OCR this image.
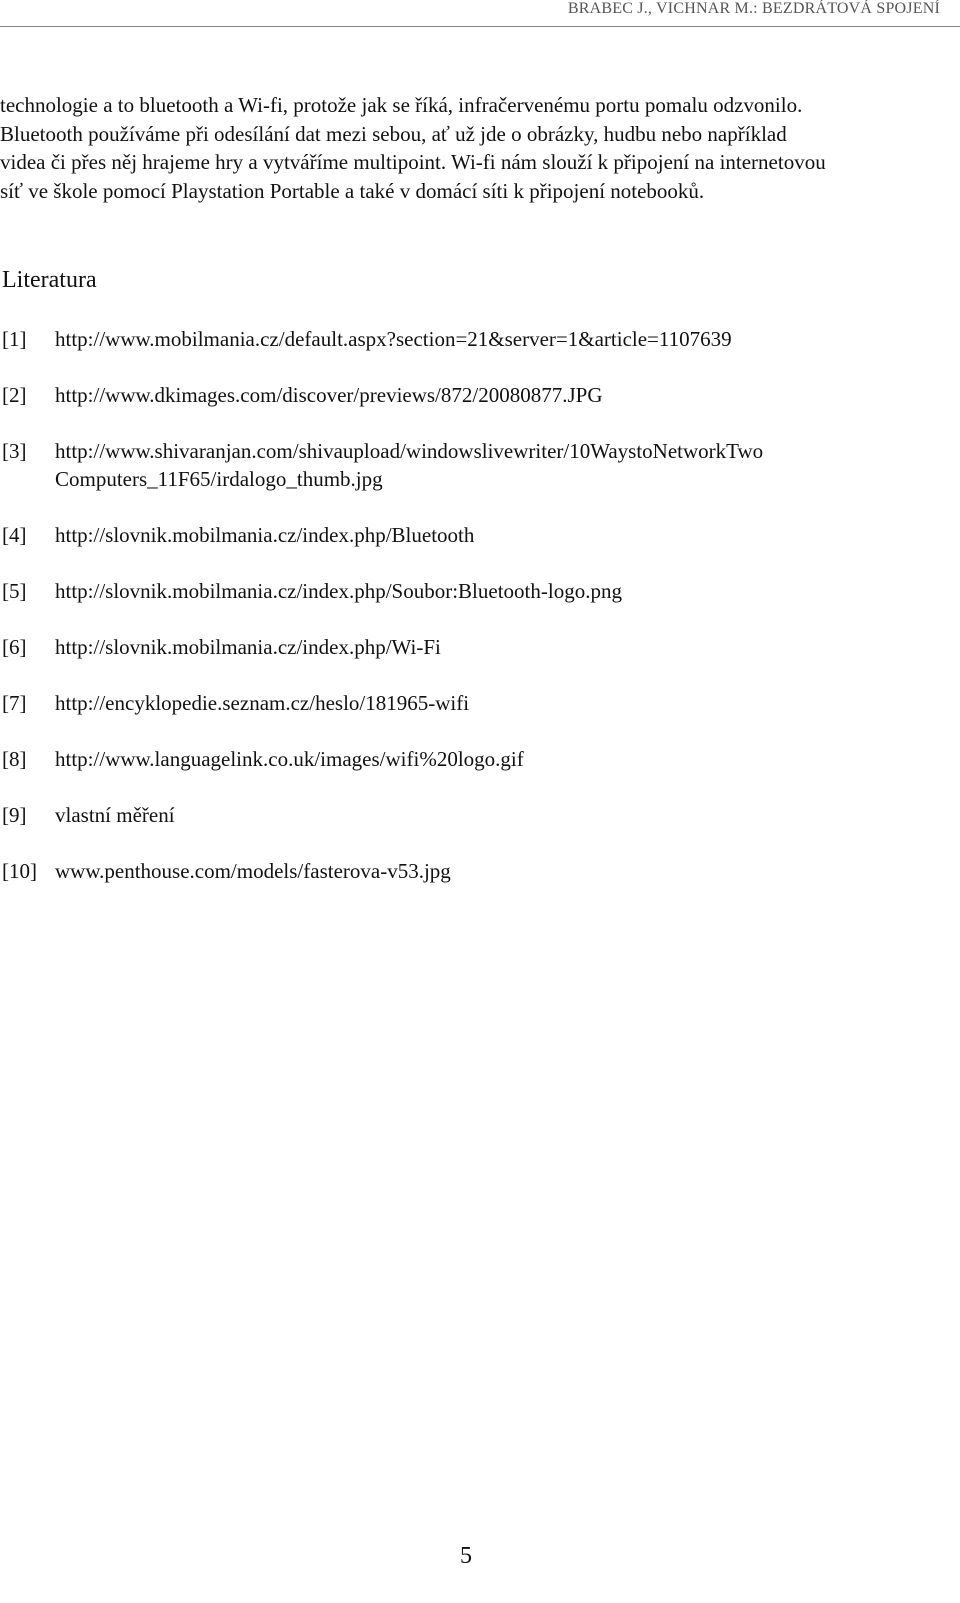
BRABEC J., VICHNAR M.: BEZDRÁTOVÁ SPOJENÍ

technologie a to bluetooth a Wi-fi, protože jak se říká, infračervenému portu pomalu odzvonilo.
Bluetooth používáme při odesílání dat mezi sebou, ať už jde o obrázky, hudbu nebo například
videa či přes něj hrajeme hry a vytváříme multipoint. Wi-fi nám slouží k připojení na internetovou
síť ve škole pomocí Playstation Portable a také v domácí síti k připojení notebooků.

Literatura
[1] http://www.mobilmania.cz/default.aspx?section=21&server=1&article=1107639
[2] http://www.dkimages.com/discover/previews/872/20080877.JPG
[3] http://www.shivaranjan.com/shivaupload/windowslivewriter/10WaystoNetworkTwo
Computers_11F65/irdalogo_thumb.jpg
[4] http://slovnik.mobilmania.cz/index.php/Bluetooth
[5] http://slovnik.mobilmania.cz/index.php/Soubor:Bluetooth-logo.png
[6] http://slovnik.mobilmania.cz/index.php/Wi-Fi
[7] http://encyklopedie.seznam.cz/heslo/181965-wifi
[8] http://www.languagelink.co.uk/images/wifi%20logo.gif
[9] vlastní měření
[10] www.penthouse.com/models/fasterova-v53.jpg
5
